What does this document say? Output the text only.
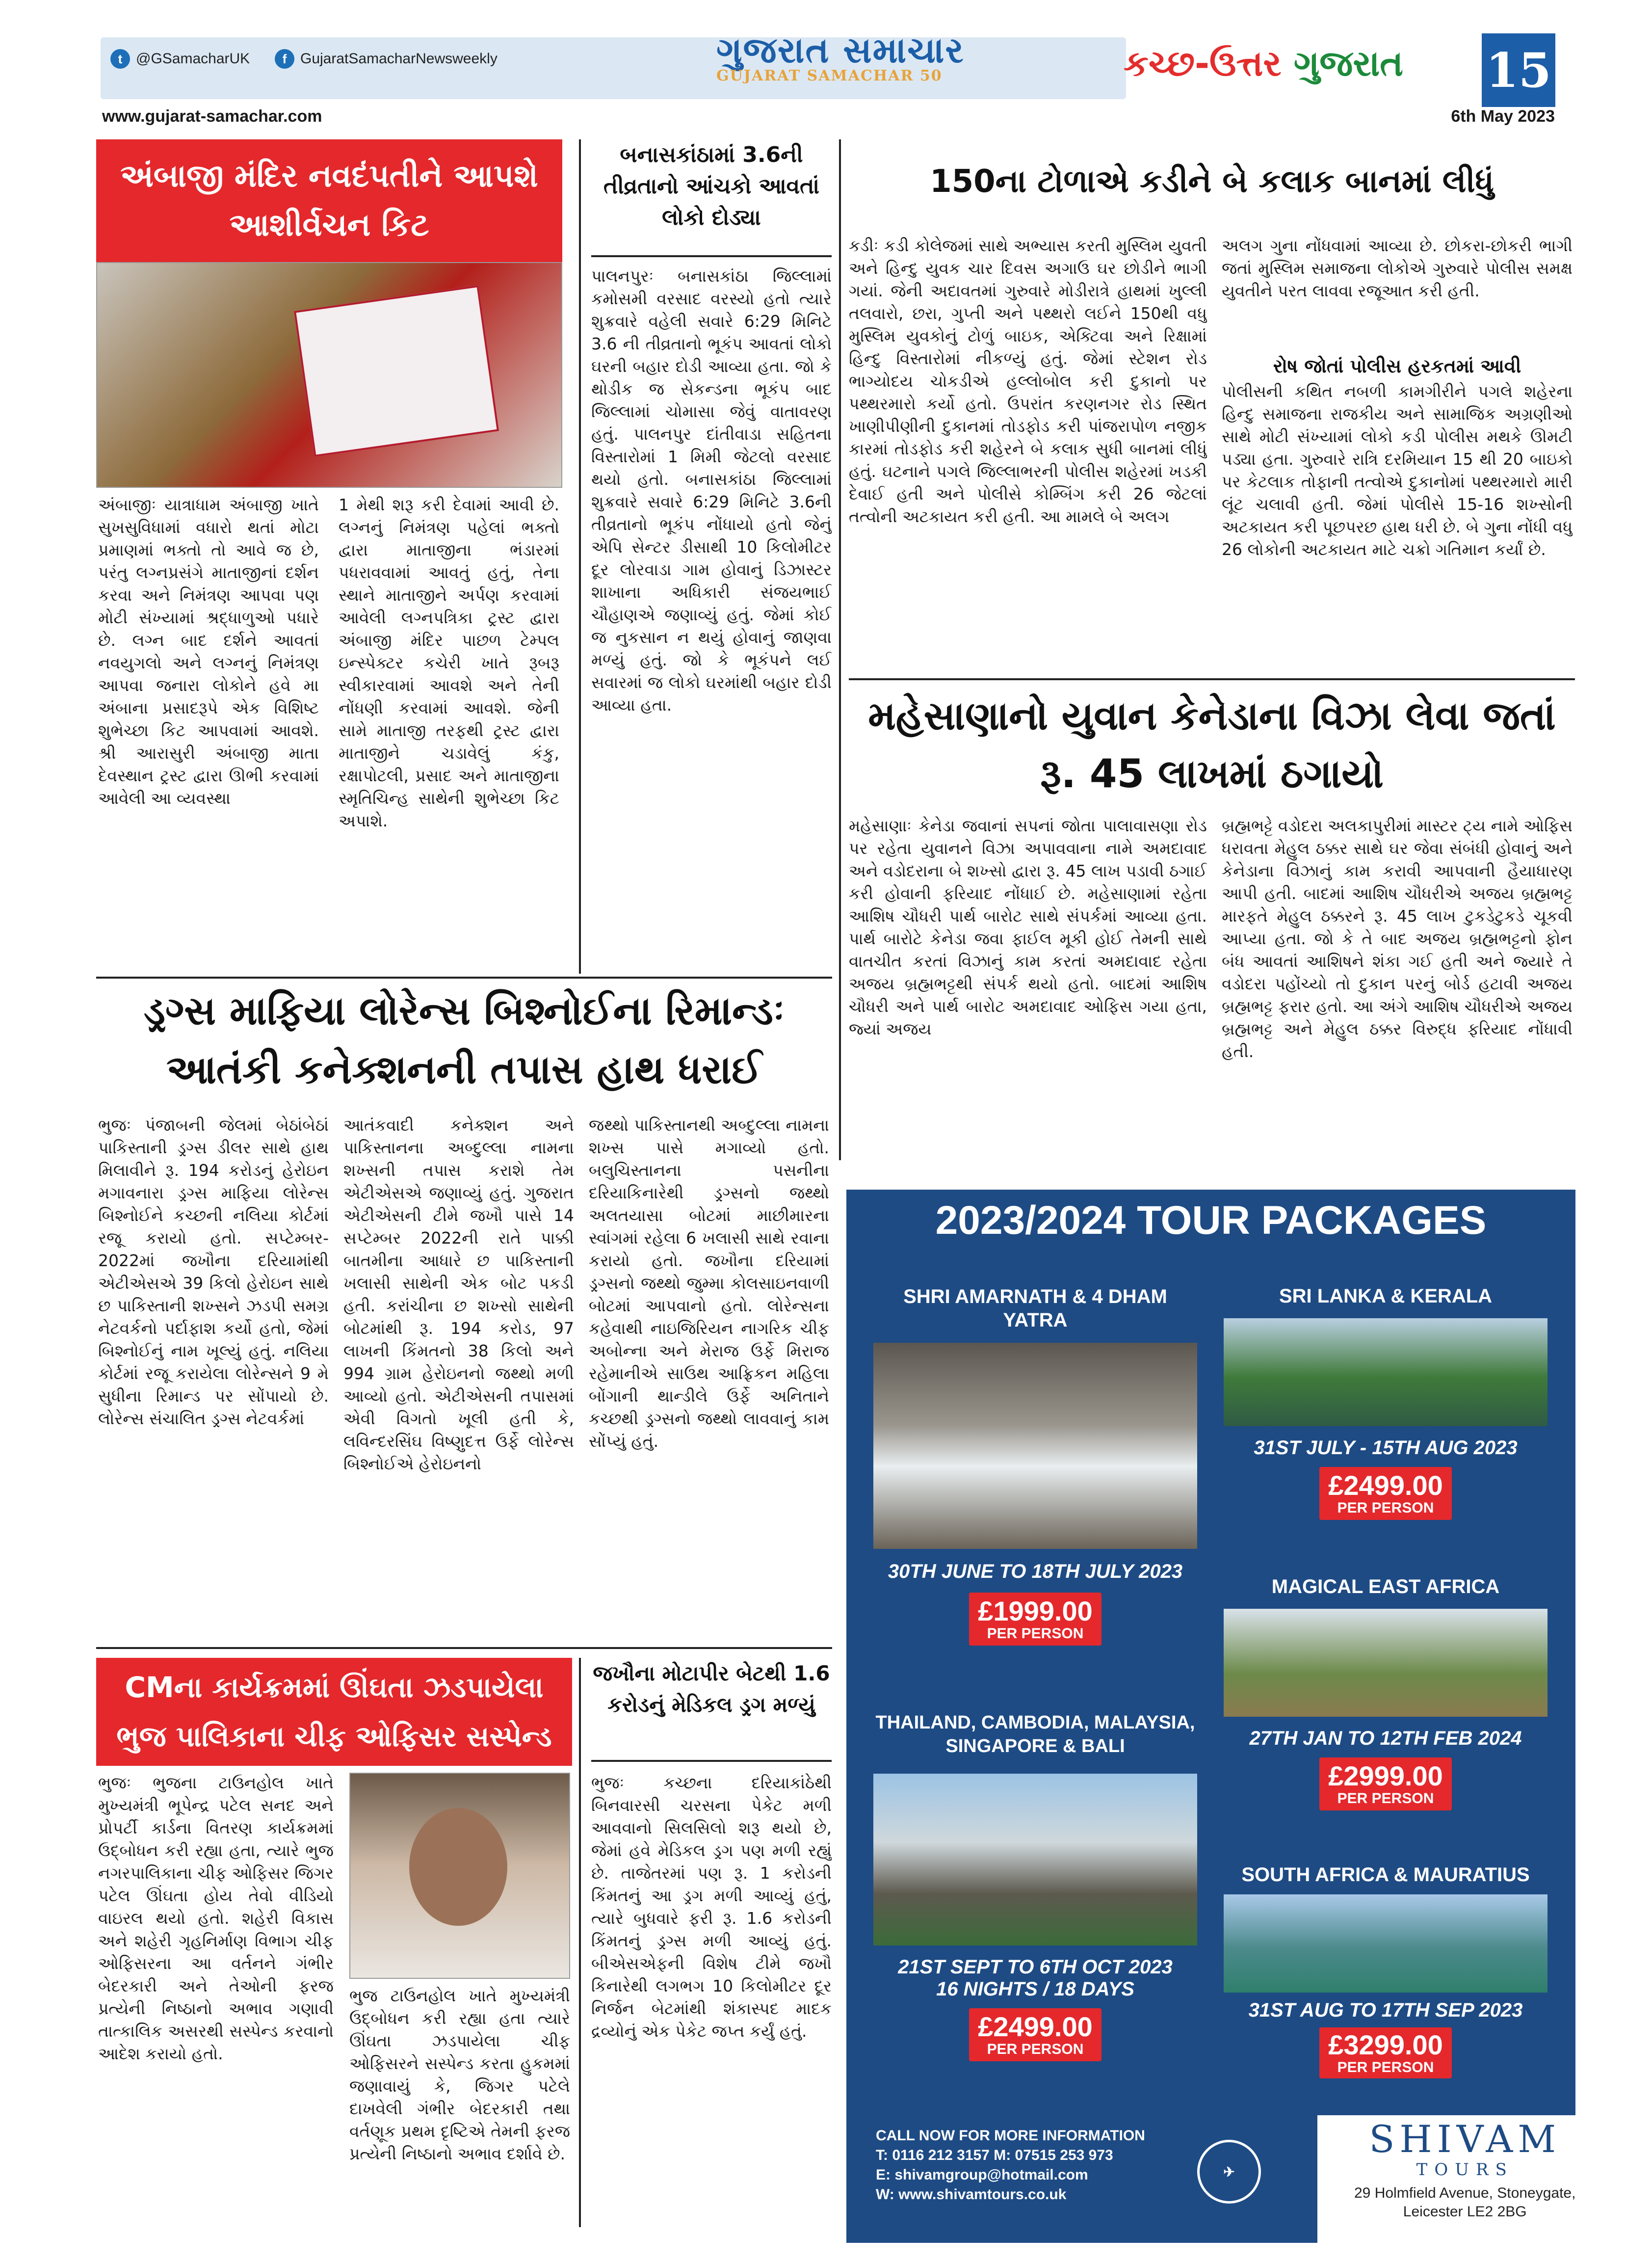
t @GSamacharUK	f GujaratSamacharNewsweekly	ગુજરાત સમાચાર
GUJARAT SAMACHAR 50	કચ્છ-ઉત્તર ગુજરાત 15
www.gujarat-samachar.com	6th May 2023
અંબાજી મંદિર નવદંપતીને આપશે આશીર્વચન કિટ
અંબાજીઃ યાત્રાધામ અંબાજી ખાતે સુખસુવિધામાં વધારો થતાં મોટા પ્રમાણમાં ભક્તો તો આવે જ છે, પરંતુ લગ્નપ્રસંગે માતાજીનાં દર્શન કરવા અને નિમંત્રણ આપવા પણ મોટી સંખ્યામાં શ્રદ્ધાળુઓ પધારે છે. લગ્ન બાદ દર્શને આવતાં નવયુગલો અને લગ્નનું નિમંત્રણ આપવા જનારા લોકોને હવે મા અંબાના પ્રસાદરૂપે એક વિશિષ્ટ શુભેચ્છા કિટ આપવામાં આવશે. શ્રી આરાસુરી અંબાજી માતા દેવસ્થાન ટ્રસ્ટ દ્વારા ઊભી કરવામાં આવેલી આ વ્યવસ્થા
1 મેથી શરૂ કરી દેવામાં આવી છે. લગ્નનું નિમંત્રણ પહેલાં ભક્તો દ્વારા માતાજીના ભંડારમાં પધરાવવામાં આવતું હતું, તેના સ્થાને માતાજીને અર્પણ કરવામાં આવેલી લગ્નપત્રિકા ટ્રસ્ટ દ્વારા અંબાજી મંદિર પાછળ ટેમ્પલ ઇન્સ્પેક્ટર કચેરી ખાતે રૂબરૂ સ્વીકારવામાં આવશે અને તેની નોંધણી કરવામાં આવશે. જેની સામે માતાજી તરફથી ટ્રસ્ટ દ્વારા માતાજીને ચડાવેલું કંકુ, રક્ષાપોટલી, પ્રસાદ અને માતાજીના સ્મૃતિચિન્હ સાથેની શુભેચ્છા કિટ અપાશે.
બનાસકાંઠામાં 3.6ની તીવ્રતાનો આંચકો આવતાં લોકો દોડ્યા
પાલનપુરઃ બનાસકાંઠા જિલ્લામાં કમોસમી વરસાદ વરસ્યો હતો ત્યારે શુક્રવારે વહેલી સવારે 6:29 મિનિટે 3.6 ની તીવ્રતાનો ભૂકંપ આવતાં લોકો ઘરની બહાર દોડી આવ્યા હતા. જો કે થોડીક જ સેકન્ડના ભૂકંપ બાદ જિલ્લામાં ચોમાસા જેવું વાતાવરણ હતું. પાલનપુર દાંતીવાડા સહિતના વિસ્તારોમાં 1 મિમી જેટલો વરસાદ થયો હતો. બનાસકાંઠા જિલ્લામાં શુક્રવારે સવારે 6:29 મિનિટે 3.6ની તીવ્રતાનો ભૂકંપ નોંધાયો હતો જેનું એપિ સેન્ટર ડીસાથી 10 કિલોમીટર દૂર લોરવાડા ગામ હોવાનું ડિઝાસ્ટર શાખાના અધિકારી સંજયભાઈ ચૌહાણએ જણાવ્યું હતું. જેમાં કોઈ જ નુકસાન ન થયું હોવાનું જાણવા મળ્યું હતું. જો કે ભૂકંપને લઈ સવારમાં જ લોકો ઘરમાંથી બહાર દોડી આવ્યા હતા.
150ના ટોળાએ કડીને બે કલાક બાનમાં લીધું
કડીઃ કડી કોલેજમાં સાથે અભ્યાસ કરતી મુસ્લિમ યુવતી અને હિન્દુ યુવક ચાર દિવસ અગાઉ ઘર છોડીને ભાગી ગયાં. જેની અદાવતમાં ગુરુવારે મોડીરાત્રે હાથમાં ખુલ્લી તલવારો, છરા, ગુપ્તી અને પથ્થરો લઈને 150થી વધુ મુસ્લિમ યુવકોનું ટોળું બાઇક, એક્ટિવા અને રિક્ષામાં હિન્દુ વિસ્તારોમાં નીકળ્યું હતું. જેમાં સ્ટેશન રોડ ભાગ્યોદય ચોકડીએ હલ્લોબોલ કરી દુકાનો પર પથ્થરમારો કર્યો હતો. ઉપરાંત કરણનગર રોડ સ્થિત ખાણીપીણીની દુકાનમાં તોડફોડ કરી પાંજરાપોળ નજીક કારમાં તોડફોડ કરી શહેરને બે કલાક સુધી બાનમાં લીધું હતું. ઘટનાને પગલે જિલ્લાભરની પોલીસ શહેરમાં ખડકી દેવાઈ હતી અને પોલીસે કોમ્બિંગ કરી 26 જેટલાં તત્વોની અટકાયત કરી હતી. આ મામલે બે અલગ
અલગ ગુના નોંધવામાં આવ્યા છે. છોકરા-છોકરી ભાગી જતાં મુસ્લિમ સમાજના લોકોએ ગુરુવારે પોલીસ સમક્ષ યુવતીને પરત લાવવા રજૂઆત કરી હતી.
રોષ જોતાં પોલીસ હરકતમાં આવી
પોલીસની કથિત નબળી કામગીરીને પગલે શહેરના હિન્દુ સમાજના રાજકીય અને સામાજિક અગ્રણીઓ સાથે મોટી સંખ્યામાં લોકો કડી પોલીસ મથકે ઊમટી પડ્યા હતા. ગુરુવારે રાત્રિ દરમિયાન 15 થી 20 બાઇકો પર કેટલાક તોફાની તત્વોએ દુકાનોમાં પથ્થરમારો મારી લૂંટ ચલાવી હતી. જેમાં પોલીસે 15-16 શખ્સોની અટકાયત કરી પૂછપરછ હાથ ધરી છે. બે ગુના નોંધી વધુ 26 લોકોની અટકાયત માટે ચક્રો ગતિમાન કર્યાં છે.
મહેસાણાનો યુવાન કેનેડાના વિઝા લેવા જતાં રૂ. 45 લાખમાં ઠગાયો
મહેસાણાઃ કેનેડા જવાનાં સપનાં જોતા પાલાવાસણા રોડ પર રહેતા યુવાનને વિઝા અપાવવાના નામે અમદાવાદ અને વડોદરાના બે શખ્સો દ્વારા રૂ. 45 લાખ પડાવી ઠગાઈ કરી હોવાની ફરિયાદ નોંધાઈ છે. મહેસાણામાં રહેતા આશિષ ચૌધરી પાર્થ બારોટ સાથે સંપર્કમાં આવ્યા હતા. પાર્થ બારોટે કેનેડા જવા ફાઈલ મૂકી હોઈ તેમની સાથે વાતચીત કરતાં વિઝાનું કામ કરતાં અમદાવાદ રહેતા અજય બ્રહ્મભટ્ટથી સંપર્ક થયો હતો. બાદમાં આશિષ ચૌધરી અને પાર્થ બારોટ અમદાવાદ ઓફિસ ગયા હતા, જ્યાં અજય
બ્રહ્મભટ્ટે વડોદરા અલકાપુરીમાં માસ્ટર ટ્ય નામે ઓફિસ ધરાવતા મેહુલ ઠક્કર સાથે ઘર જેવા સંબંધી હોવાનું અને કેનેડાના વિઝાનું કામ કરાવી આપવાની હૈયાધારણ આપી હતી. બાદમાં આશિષ ચૌધરીએ અજય બ્રહ્મભટ્ટ મારફતે મેહુલ ઠક્કરને રૂ. 45 લાખ ટુકડેટુકડે ચૂકવી આપ્યા હતા. જો કે તે બાદ અજય બ્રહ્મભટ્ટનો ફોન બંધ આવતાં આશિષને શંકા ગઈ હતી અને જ્યારે તે વડોદરા પહોંચ્યો તો દુકાન પરનું બોર્ડ હટાવી અજય બ્રહ્મભટ્ટ ફરાર હતો. આ અંગે આશિષ ચૌધરીએ અજય બ્રહ્મભટ્ટ અને મેહુલ ઠક્કર વિરુદ્ધ ફરિયાદ નોંધાવી હતી.
ડ્રગ્સ માફિયા લોરેન્સ બિશ્નોઈના રિમાન્ડઃ આતંકી કનેક્શનની તપાસ હાથ ધરાઈ
ભુજઃ પંજાબની જેલમાં બેઠાંબેઠાં પાકિસ્તાની ડ્રગ્સ ડીલર સાથે હાથ મિલાવીને રૂ. 194 કરોડનું હેરોઇન મગાવનારા ડ્રગ્સ માફિયા લોરેન્સ બિશ્નોઈને કચ્છની નલિયા કોર્ટમાં રજૂ કરાયો હતો. સપ્ટેમ્બર- 2022માં જખૌના દરિયામાંથી એટીએસએ 39 કિલો હેરોઇન સાથે છ પાકિસ્તાની શખ્સને ઝડપી સમગ્ર નેટવર્કનો પર્દાફાશ કર્યો હતો, જેમાં બિશ્નોઈનું નામ ખૂલ્યું હતું. નલિયા કોર્ટમાં રજૂ કરાયેલા લોરેન્સને 9 મે સુધીના રિમાન્ડ પર સોંપાયો છે. લોરેન્સ સંચાલિત ડ્રગ્સ નેટવર્કમાં
આતંકવાદી કનેક્શન અને પાકિસ્તાનના અબ્દુલ્લા નામના શખ્સની તપાસ કરાશે તેમ એટીએસએ જણાવ્યું હતું. ગુજરાત એટીએસની ટીમે જખૌ પાસે 14 સપ્ટેમ્બર 2022ની રાતે પાક્કી બાતમીના આધારે છ પાકિસ્તાની ખલાસી સાથેની એક બોટ પકડી હતી. કરાંચીના છ શખ્સો સાથેની બોટમાંથી રૂ. 194 કરોડ, 97 લાખની કિંમતનો 38 કિલો અને 994 ગ્રામ હેરોઇનનો જથ્થો મળી આવ્યો હતો. એટીએસની તપાસમાં એવી વિગતો ખૂલી હતી કે, લવિન્દરસિંઘ વિષ્ણુદત્ત ઉર્ફે લોરેન્સ બિશ્નોઈએ હેરોઇનનો
જથ્થો પાકિસ્તાનથી અબ્દુલ્લા નામના શખ્સ પાસે મગાવ્યો હતો. બલુચિસ્તાનના પસનીના દરિયાકિનારેથી ડ્રગ્સનો જથ્થો અલતયાસા બોટમાં માછીમારના સ્વાંગમાં રહેલા 6 ખલાસી સાથે રવાના કરાયો હતો. જખૌના દરિયામાં ડ્રગ્સનો જથ્થો જુમ્મા કોલસાઇનવાળી બોટમાં આપવાનો હતો. લોરેન્સના કહેવાથી નાઇજિરિયન નાગરિક ચીફ અબોન્ના અને મેરાજ ઉર્ફે મિરાજ રહેમાનીએ સાઉથ આફ્રિકન મહિલા બોંગાની થાન્ડીલે ઉર્ફે અનિતાને કચ્છથી ડ્રગ્સનો જથ્થો લાવવાનું કામ સોંપ્યું હતું.
CMના કાર્યક્રમમાં ઊંઘતા ઝડપાયેલા ભુજ પાલિકાના ચીફ ઓફિસર સસ્પેન્ડ
ભુજઃ ભુજના ટાઉનહોલ ખાતે મુખ્યમંત્રી ભૂપેન્દ્ર પટેલ સનદ અને પ્રોપર્ટી કાર્ડના વિતરણ કાર્યક્રમમાં ઉદ્બોધન કરી રહ્યા હતા, ત્યારે ભુજ નગરપાલિકાના ચીફ ઓફિસર જિગર પટેલ ઊંઘતા હોય તેવો વીડિયો વાઇરલ થયો હતો. શહેરી વિકાસ અને શહેરી ગૃહનિર્માણ વિભાગ ચીફ ઓફિસરના આ વર્તનને ગંભીર બેદરકારી અને તેઓની ફરજ પ્રત્યેની નિષ્ઠાનો અભાવ ગણાવી તાત્કાલિક અસરથી સસ્પેન્ડ કરવાનો આદેશ કરાયો હતો.
ભુજ ટાઉનહોલ ખાતે મુખ્યમંત્રી ઉદ્બોધન કરી રહ્યા હતા ત્યારે ઊંઘતા ઝડપાયેલા ચીફ ઓફિસરને સસ્પેન્ડ કરતા હુકમમાં જણાવાયું કે, જિગર પટેલે દાખવેલી ગંભીર બેદરકારી તથા વર્તણૂક પ્રથમ દૃષ્ટિએ તેમની ફરજ પ્રત્યેની નિષ્ઠાનો અભાવ દર્શાવે છે.
જખૌના મોટાપીર બેટથી 1.6 કરોડનું મેડિકલ ડ્રગ મળ્યું
ભુજઃ કચ્છના દરિયાકાંઠેથી બિનવારસી ચરસના પેકેટ મળી આવવાનો સિલસિલો શરૂ થયો છે, જેમાં હવે મેડિકલ ડ્રગ પણ મળી રહ્યું છે. તાજેતરમાં પણ રૂ. 1 કરોડની કિંમતનું આ ડ્રગ મળી આવ્યું હતું, ત્યારે બુધવારે ફરી રૂ. 1.6 કરોડની કિંમતનું ડ્રગ્સ મળી આવ્યું હતું. બીએસએફની વિશેષ ટીમે જખૌ કિનારેથી લગભગ 10 કિલોમીટર દૂર નિર્જન બેટમાંથી શંકાસ્પદ માદક દ્રવ્યોનું એક પેકેટ જપ્ત કર્યું હતું.
2023/2024 TOUR PACKAGES
SHRI AMARNATH & 4 DHAM YATRA
30TH JUNE TO 18TH JULY 2023
£1999.00
PER PERSON
SRI LANKA & KERALA
31ST JULY - 15TH AUG 2023
£2499.00
PER PERSON
MAGICAL EAST AFRICA
27TH JAN TO 12TH FEB 2024
£2999.00
PER PERSON
THAILAND, CAMBODIA, MALAYSIA, SINGAPORE & BALI
21ST SEPT TO 6TH OCT 2023
16 NIGHTS / 18 DAYS
£2499.00
PER PERSON
SOUTH AFRICA & MAURATIUS
31ST AUG TO 17TH SEP 2023
£3299.00
PER PERSON
CALL NOW FOR MORE INFORMATION
T: 0116 212 3157 M: 07515 253 973
E: shivamgroup@hotmail.com
W: www.shivamtours.co.uk
✈
SHIVAM
TOURS
29 Holmfield Avenue, Stoneygate,
Leicester LE2 2BG
